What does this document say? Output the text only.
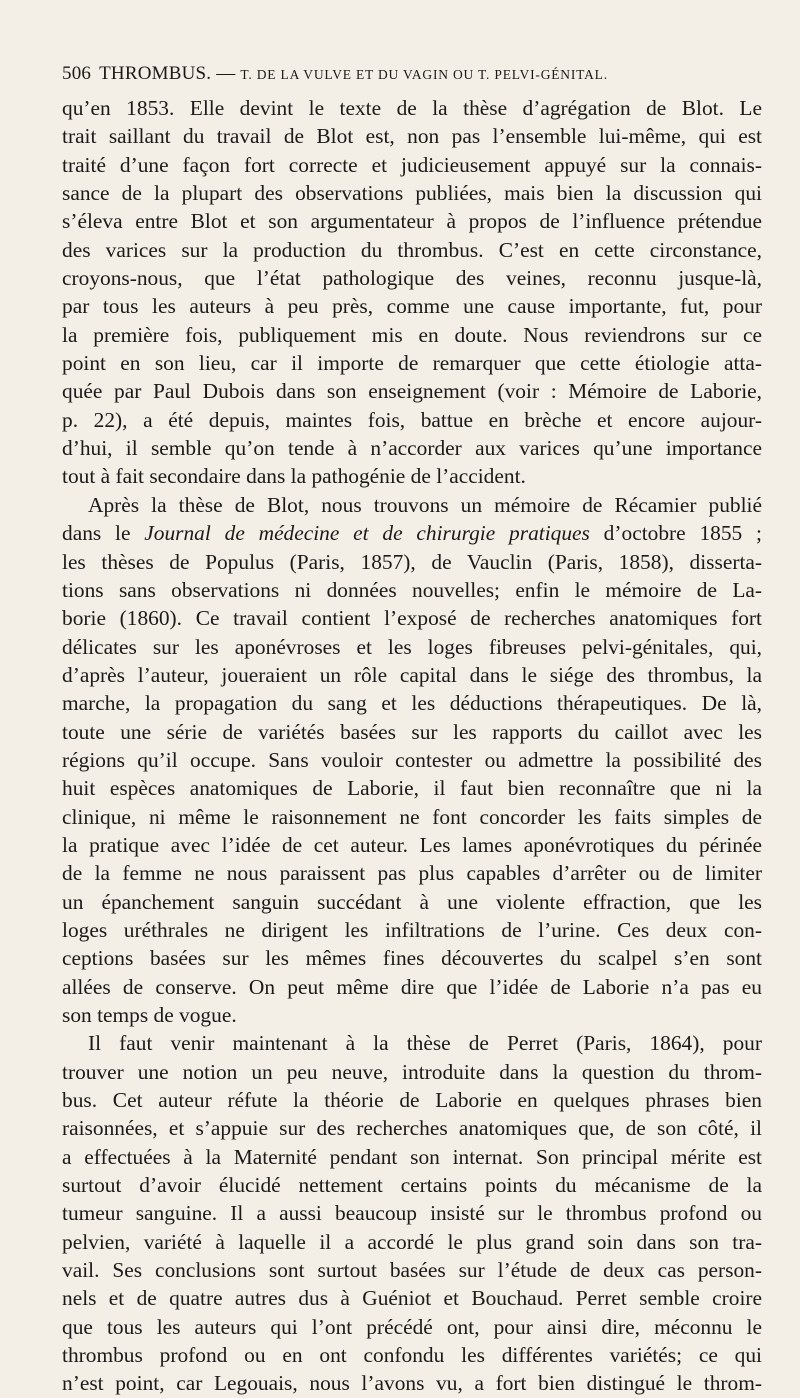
506 THROMBUS. — T. DE LA VULVE ET DU VAGIN OU T. PELVI-GÉNITAL.
qu’en 1853. Elle devint le texte de la thèse d’agrégation de Blot. Le
trait saillant du travail de Blot est, non pas l’ensemble lui-même, qui est
traité d’une façon fort correcte et judicieusement appuyé sur la connais-
sance de la plupart des observations publiées, mais bien la discussion qui
s’éleva entre Blot et son argumentateur à propos de l’influence prétendue
des varices sur la production du thrombus. C’est en cette circonstance,
croyons-nous, que l’état pathologique des veines, reconnu jusque-là,
par tous les auteurs à peu près, comme une cause importante, fut, pour
la première fois, publiquement mis en doute. Nous reviendrons sur ce
point en son lieu, car il importe de remarquer que cette étiologie atta-
quée par Paul Dubois dans son enseignement (voir : Mémoire de Laborie,
p. 22), a été depuis, maintes fois, battue en brèche et encore aujour-
d’hui, il semble qu’on tende à n’accorder aux varices qu’une importance
tout à fait secondaire dans la pathogénie de l’accident.
Après la thèse de Blot, nous trouvons un mémoire de Récamier publié
dans le Journal de médecine et de chirurgie pratiques d’octobre 1855 ;
les thèses de Populus (Paris, 1857), de Vauclin (Paris, 1858), disserta-
tions sans observations ni données nouvelles; enfin le mémoire de La-
borie (1860). Ce travail contient l’exposé de recherches anatomiques fort
délicates sur les aponévroses et les loges fibreuses pelvi-génitales, qui,
d’après l’auteur, joueraient un rôle capital dans le siége des thrombus, la
marche, la propagation du sang et les déductions thérapeutiques. De là,
toute une série de variétés basées sur les rapports du caillot avec les
régions qu’il occupe. Sans vouloir contester ou admettre la possibilité des
huit espèces anatomiques de Laborie, il faut bien reconnaître que ni la
clinique, ni même le raisonnement ne font concorder les faits simples de
la pratique avec l’idée de cet auteur. Les lames aponévrotiques du périnée
de la femme ne nous paraissent pas plus capables d’arrêter ou de limiter
un épanchement sanguin succédant à une violente effraction, que les
loges uréthrales ne dirigent les infiltrations de l’urine. Ces deux con-
ceptions basées sur les mêmes fines découvertes du scalpel s’en sont
allées de conserve. On peut même dire que l’idée de Laborie n’a pas eu
son temps de vogue.
Il faut venir maintenant à la thèse de Perret (Paris, 1864), pour
trouver une notion un peu neuve, introduite dans la question du throm-
bus. Cet auteur réfute la théorie de Laborie en quelques phrases bien
raisonnées, et s’appuie sur des recherches anatomiques que, de son côté, il
a effectuées à la Maternité pendant son internat. Son principal mérite est
surtout d’avoir élucidé nettement certains points du mécanisme de la
tumeur sanguine. Il a aussi beaucoup insisté sur le thrombus profond ou
pelvien, variété à laquelle il a accordé le plus grand soin dans son tra-
vail. Ses conclusions sont surtout basées sur l’étude de deux cas person-
nels et de quatre autres dus à Guéniot et Bouchaud. Perret semble croire
que tous les auteurs qui l’ont précédé ont, pour ainsi dire, méconnu le
thrombus profond ou en ont confondu les différentes variétés; ce qui
n’est point, car Legouais, nous l’avons vu, a fort bien distingué le throm-
